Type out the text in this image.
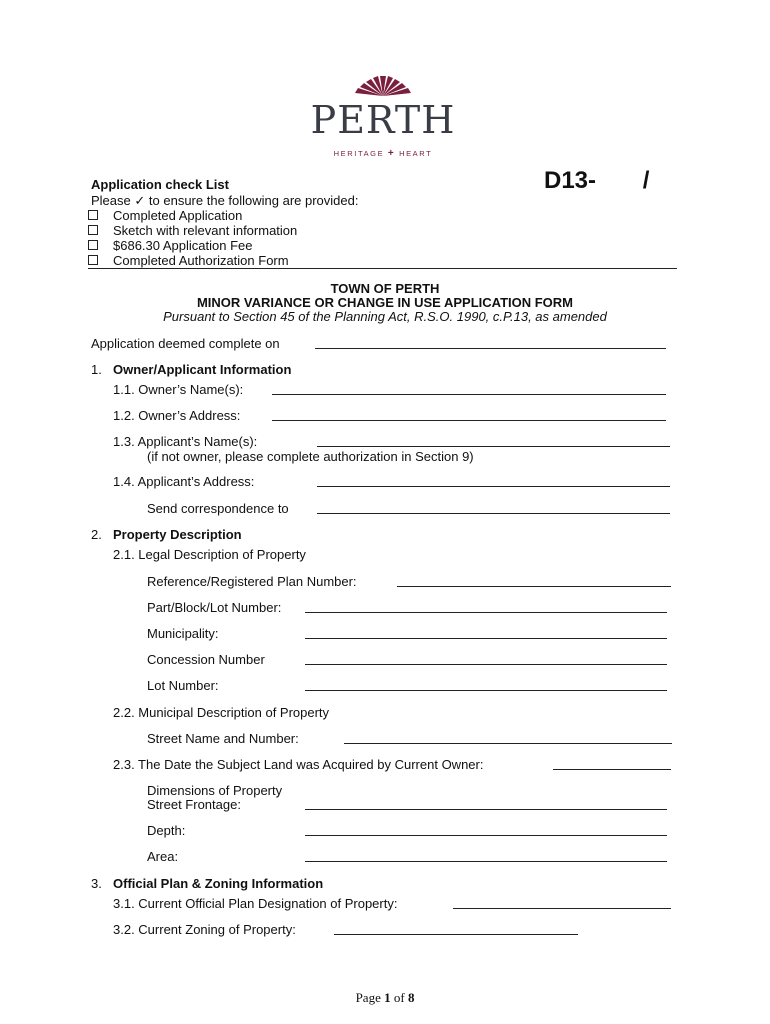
PERTH
HERITAGE + HEART
D13- /
Application check List
Please ✓ to ensure the following are provided:
Completed Application
Sketch with relevant information
$686.30 Application Fee
Completed Authorization Form
TOWN OF PERTH
MINOR VARIANCE OR CHANGE IN USE APPLICATION FORM
Pursuant to Section 45 of the Planning Act, R.S.O. 1990, c.P.13, as amended
Application deemed complete on
1. Owner/Applicant Information
1.1. Owner’s Name(s):
1.2. Owner’s Address:
1.3. Applicant’s Name(s):
(if not owner, please complete authorization in Section 9)
1.4. Applicant’s Address:
Send correspondence to
2. Property Description
2.1. Legal Description of Property
Reference/Registered Plan Number:
Part/Block/Lot Number:
Municipality:
Concession Number
Lot Number:
2.2. Municipal Description of Property
Street Name and Number:
2.3. The Date the Subject Land was Acquired by Current Owner:
Dimensions of Property
Street Frontage:
Depth:
Area:
3. Official Plan & Zoning Information
3.1. Current Official Plan Designation of Property:
3.2. Current Zoning of Property:
Page 1 of 8
